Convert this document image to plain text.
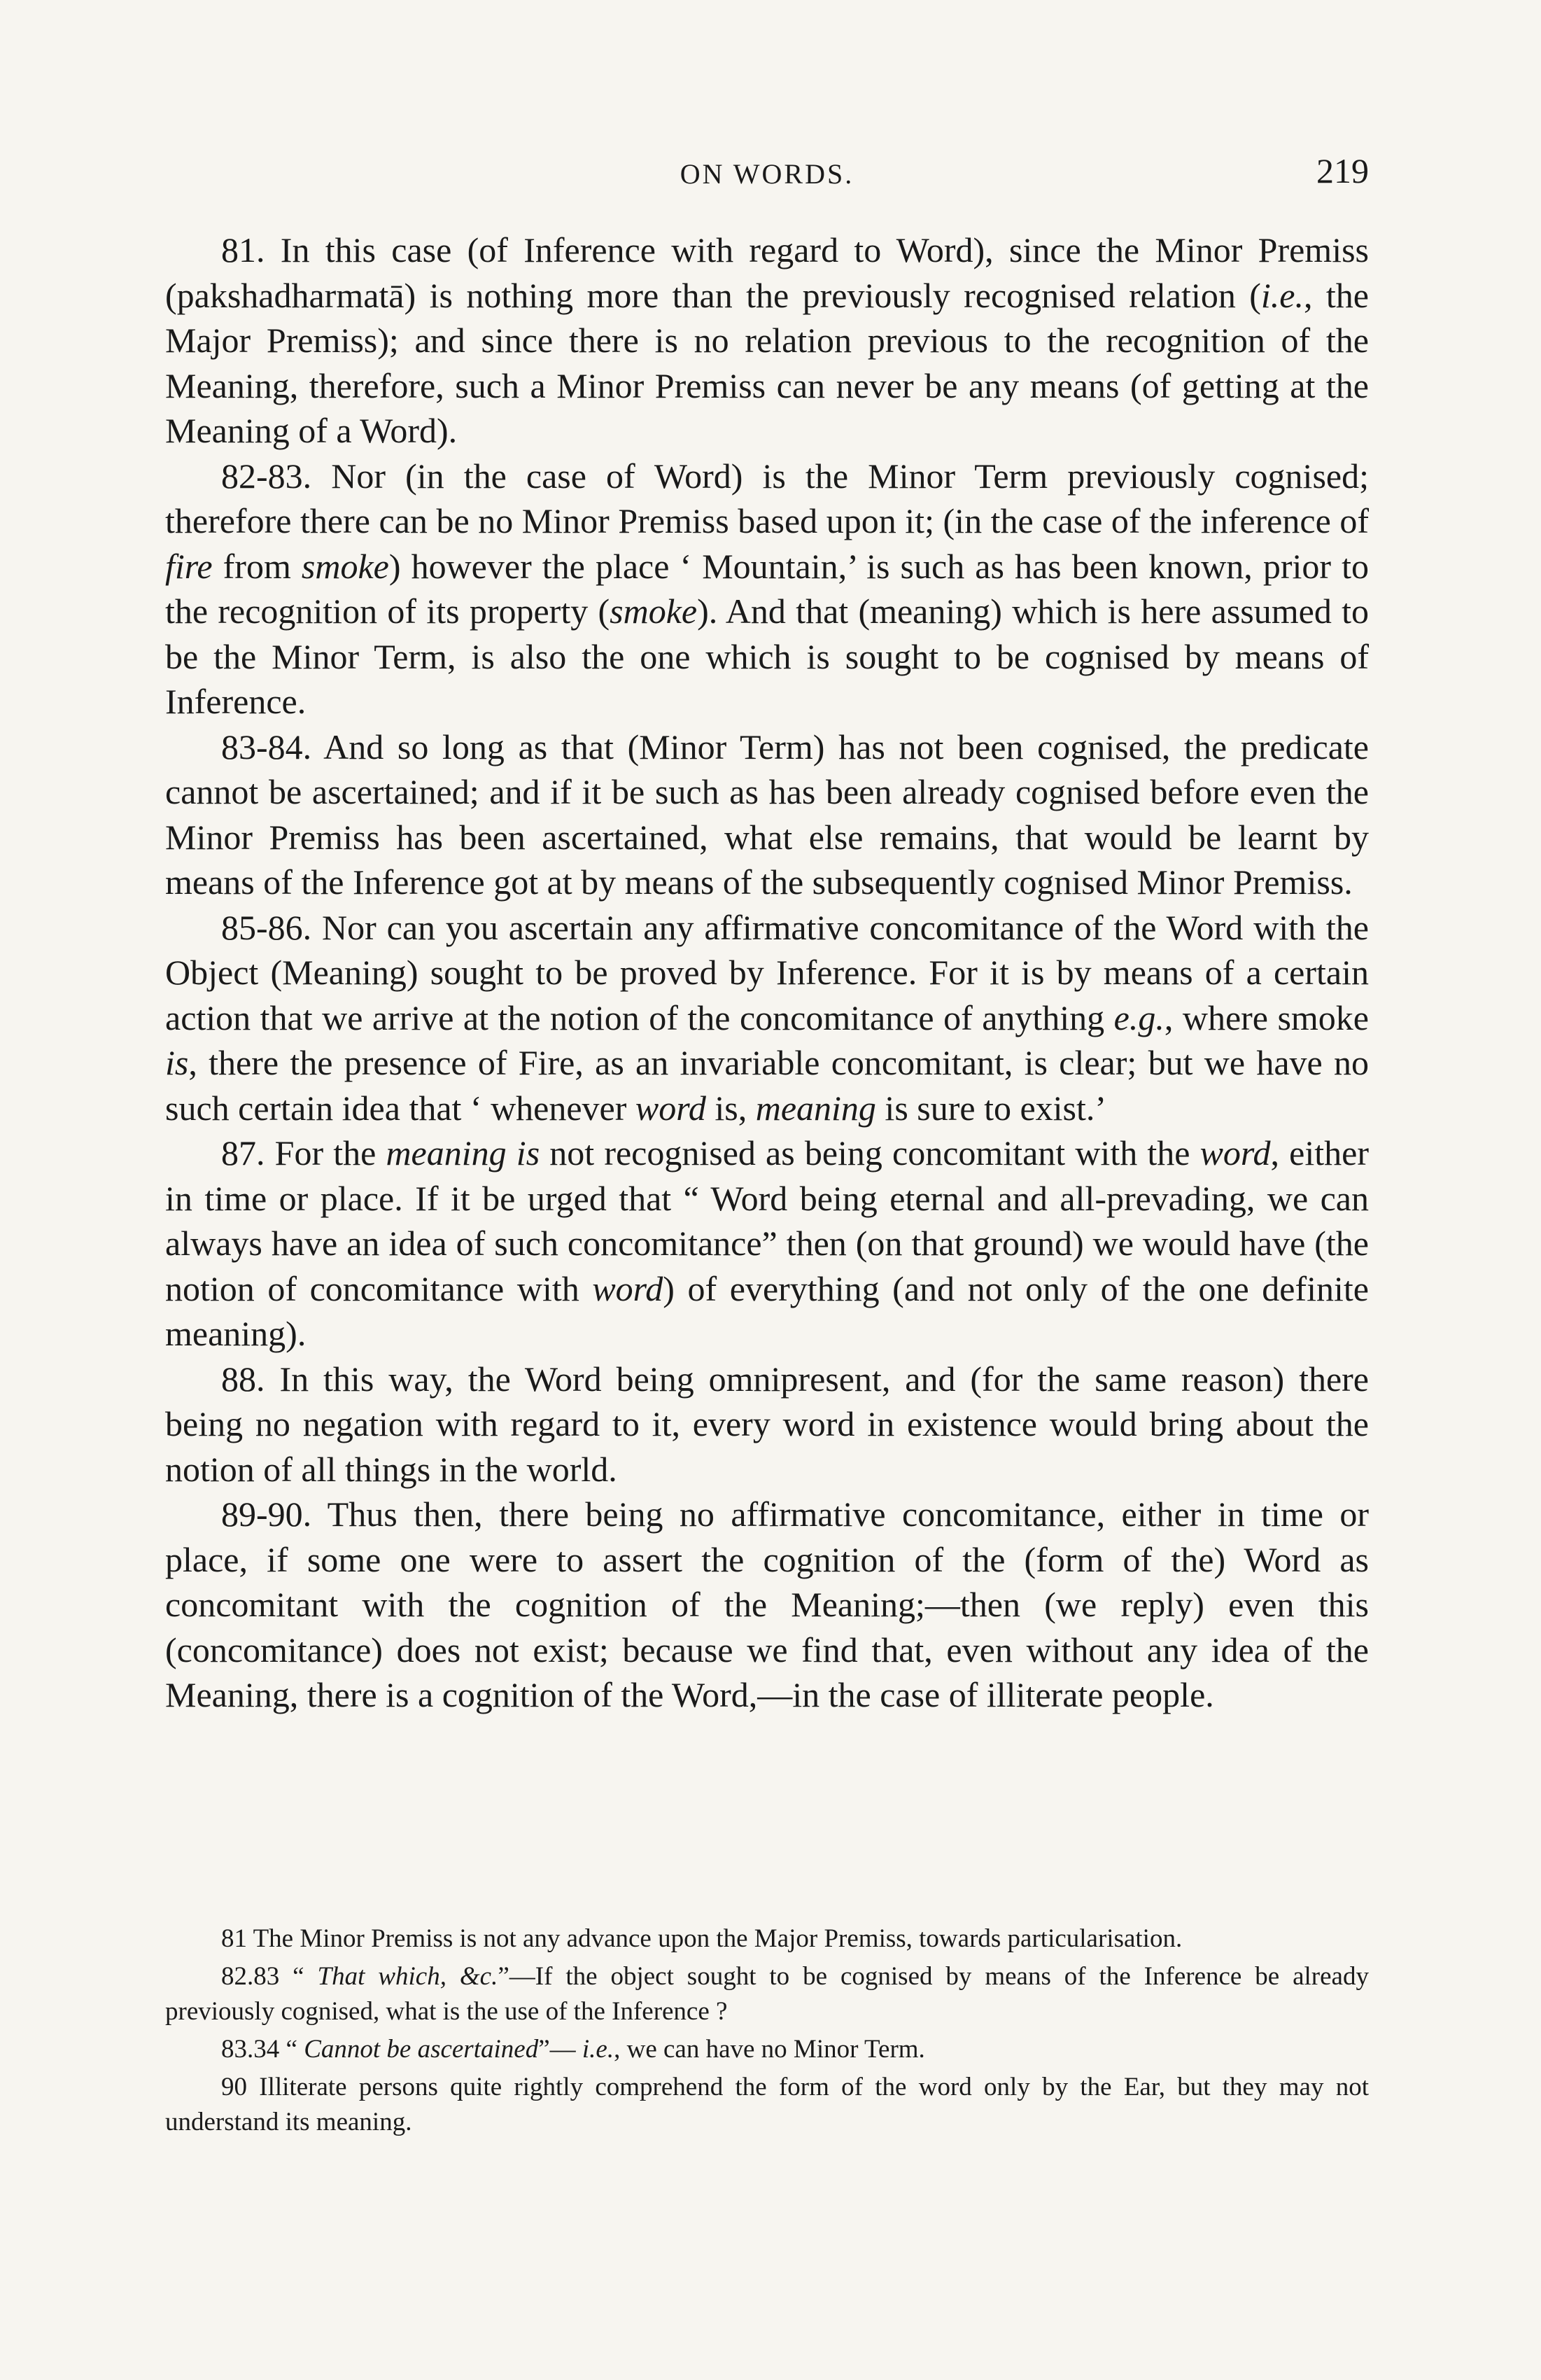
ON WORDS.	219

81. In this case (of Inference with regard to Word), since the Minor Premiss (pakshadharmatā) is nothing more than the previously recognised relation (i.e., the Major Premiss); and since there is no relation previous to the recognition of the Meaning, therefore, such a Minor Premiss can never be any means (of getting at the Meaning of a Word).

82-83. Nor (in the case of Word) is the Minor Term previously cognised; therefore there can be no Minor Premiss based upon it; (in the case of the inference of fire from smoke) however the place ‘ Mountain,’ is such as has been known, prior to the recognition of its property (smoke). And that (meaning) which is here assumed to be the Minor Term, is also the one which is sought to be cognised by means of Inference.

83-84. And so long as that (Minor Term) has not been cognised, the predicate cannot be ascertained; and if it be such as has been already cognised before even the Minor Premiss has been ascertained, what else remains, that would be learnt by means of the Inference got at by means of the subsequently cognised Minor Premiss.

85-86. Nor can you ascertain any affirmative concomitance of the Word with the Object (Meaning) sought to be proved by Inference. For it is by means of a certain action that we arrive at the notion of the concomitance of anything e.g., where smoke is, there the presence of Fire, as an invariable concomitant, is clear; but we have no such certain idea that ‘ whenever word is, meaning is sure to exist.’

87. For the meaning is not recognised as being concomitant with the word, either in time or place. If it be urged that “ Word being eternal and all-prevading, we can always have an idea of such concomitance” then (on that ground) we would have (the notion of concomitance with word) of everything (and not only of the one definite meaning).

88. In this way, the Word being omnipresent, and (for the same reason) there being no negation with regard to it, every word in existence would bring about the notion of all things in the world.

89-90. Thus then, there being no affirmative concomitance, either in time or place, if some one were to assert the cognition of the (form of the) Word as concomitant with the cognition of the Meaning;—then (we reply) even this (concomitance) does not exist; because we find that, even without any idea of the Meaning, there is a cognition of the Word,—in the case of illiterate people.

81 The Minor Premiss is not any advance upon the Major Premiss, towards particularisation.

82.83 “ That which, &c.”—If the object sought to be cognised by means of the Inference be already previously cognised, what is the use of the Inference ?

83.34 “ Cannot be ascertained”— i.e., we can have no Minor Term.

90 Illiterate persons quite rightly comprehend the form of the word only by the Ear, but they may not understand its meaning.
